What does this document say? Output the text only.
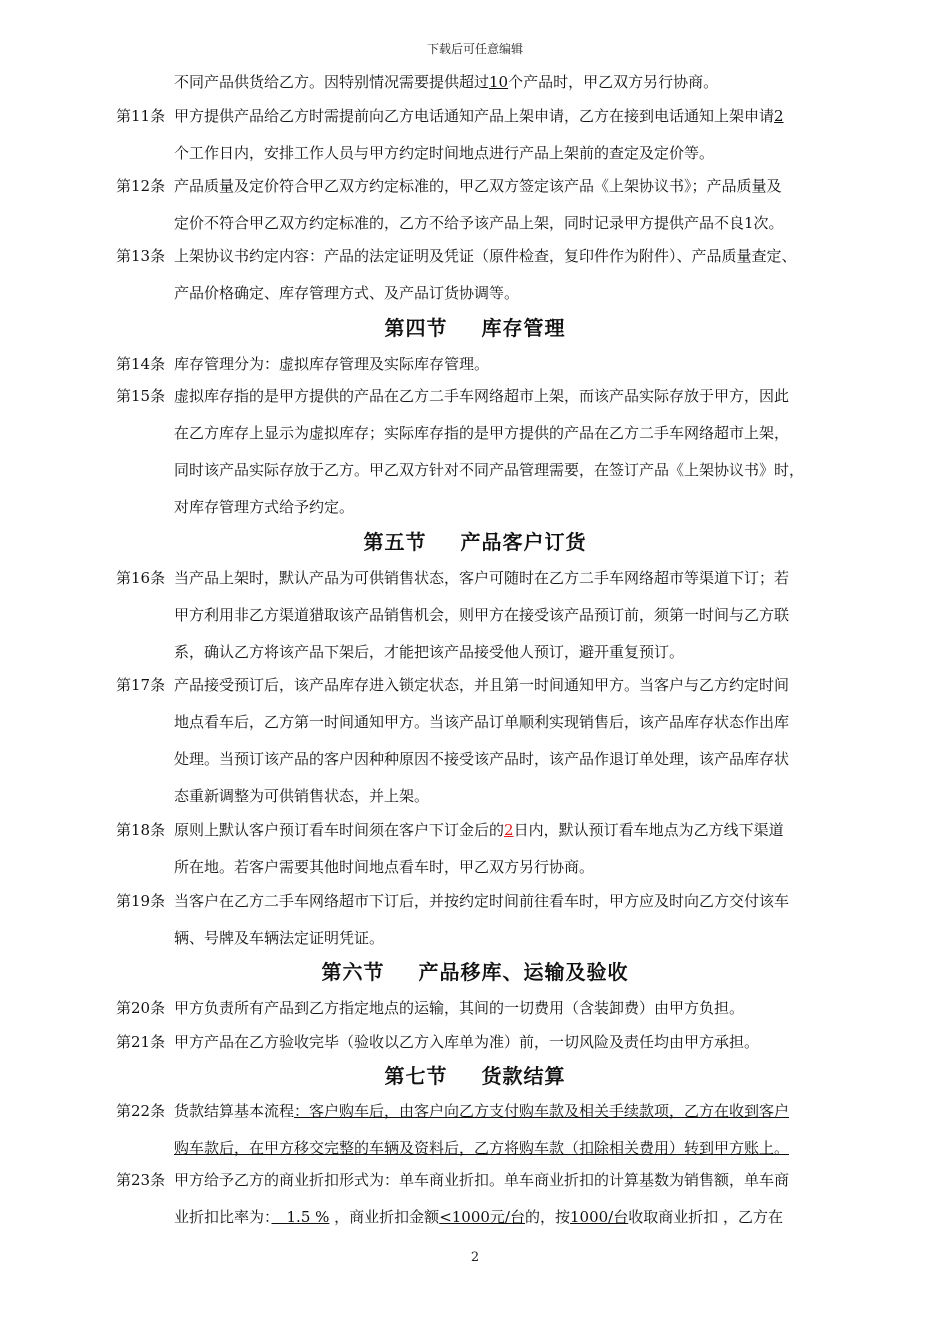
下载后可任意编辑
不同产品供货给乙方。因特别情况需要提供超过10个产品时，甲乙双方另行协商。
第11条 甲方提供产品给乙方时需提前向乙方电话通知产品上架申请，乙方在接到电话通知上架申请2
个工作日内，安排工作人员与甲方约定时间地点进行产品上架前的查定及定价等。
第12条 产品质量及定价符合甲乙双方约定标准的，甲乙双方签定该产品《上架协议书》；产品质量及
定价不符合甲乙双方约定标准的，乙方不给予该产品上架，同时记录甲方提供产品不良1次。
第13条 上架协议书约定内容：产品的法定证明及凭证（原件检查，复印件作为附件）、产品质量查定、
产品价格确定、库存管理方式、及产品订货协调等。
第四节 库存管理
第14条 库存管理分为：虚拟库存管理及实际库存管理。
第15条 虚拟库存指的是甲方提供的产品在乙方二手车网络超市上架，而该产品实际存放于甲方，因此
在乙方库存上显示为虚拟库存；实际库存指的是甲方提供的产品在乙方二手车网络超市上架，
同时该产品实际存放于乙方。甲乙双方针对不同产品管理需要，在签订产品《上架协议书》时，
对库存管理方式给予约定。
第五节 产品客户订货
第16条 当产品上架时，默认产品为可供销售状态，客户可随时在乙方二手车网络超市等渠道下订；若
甲方利用非乙方渠道猎取该产品销售机会，则甲方在接受该产品预订前，须第一时间与乙方联
系，确认乙方将该产品下架后，才能把该产品接受他人预订，避开重复预订。
第17条 产品接受预订后，该产品库存进入锁定状态，并且第一时间通知甲方。当客户与乙方约定时间
地点看车后，乙方第一时间通知甲方。当该产品订单顺利实现销售后，该产品库存状态作出库
处理。当预订该产品的客户因种种原因不接受该产品时，该产品作退订单处理，该产品库存状
态重新调整为可供销售状态，并上架。
第18条 原则上默认客户预订看车时间须在客户下订金后的2日内，默认预订看车地点为乙方线下渠道
所在地。若客户需要其他时间地点看车时，甲乙双方另行协商。
第19条 当客户在乙方二手车网络超市下订后，并按约定时间前往看车时，甲方应及时向乙方交付该车
辆、号牌及车辆法定证明凭证。
第六节 产品移库、运输及验收
第20条 甲方负责所有产品到乙方指定地点的运输，其间的一切费用（含装卸费）由甲方负担。
第21条 甲方产品在乙方验收完毕（验收以乙方入库单为准）前，一切风险及责任均由甲方承担。
第七节 货款结算
第22条 货款结算基本流程：客户购车后，由客户向乙方支付购车款及相关手续款项，乙方在收到客户
购车款后，在甲方移交完整的车辆及资料后，乙方将购车款（扣除相关费用）转到甲方账上。
第23条 甲方给予乙方的商业折扣形式为：单车商业折扣。单车商业折扣的计算基数为销售额，单车商
业折扣比率为：　1.5 % ，商业折扣金额<1000元/台的，按1000/台收取商业折扣 ，乙方在
2
